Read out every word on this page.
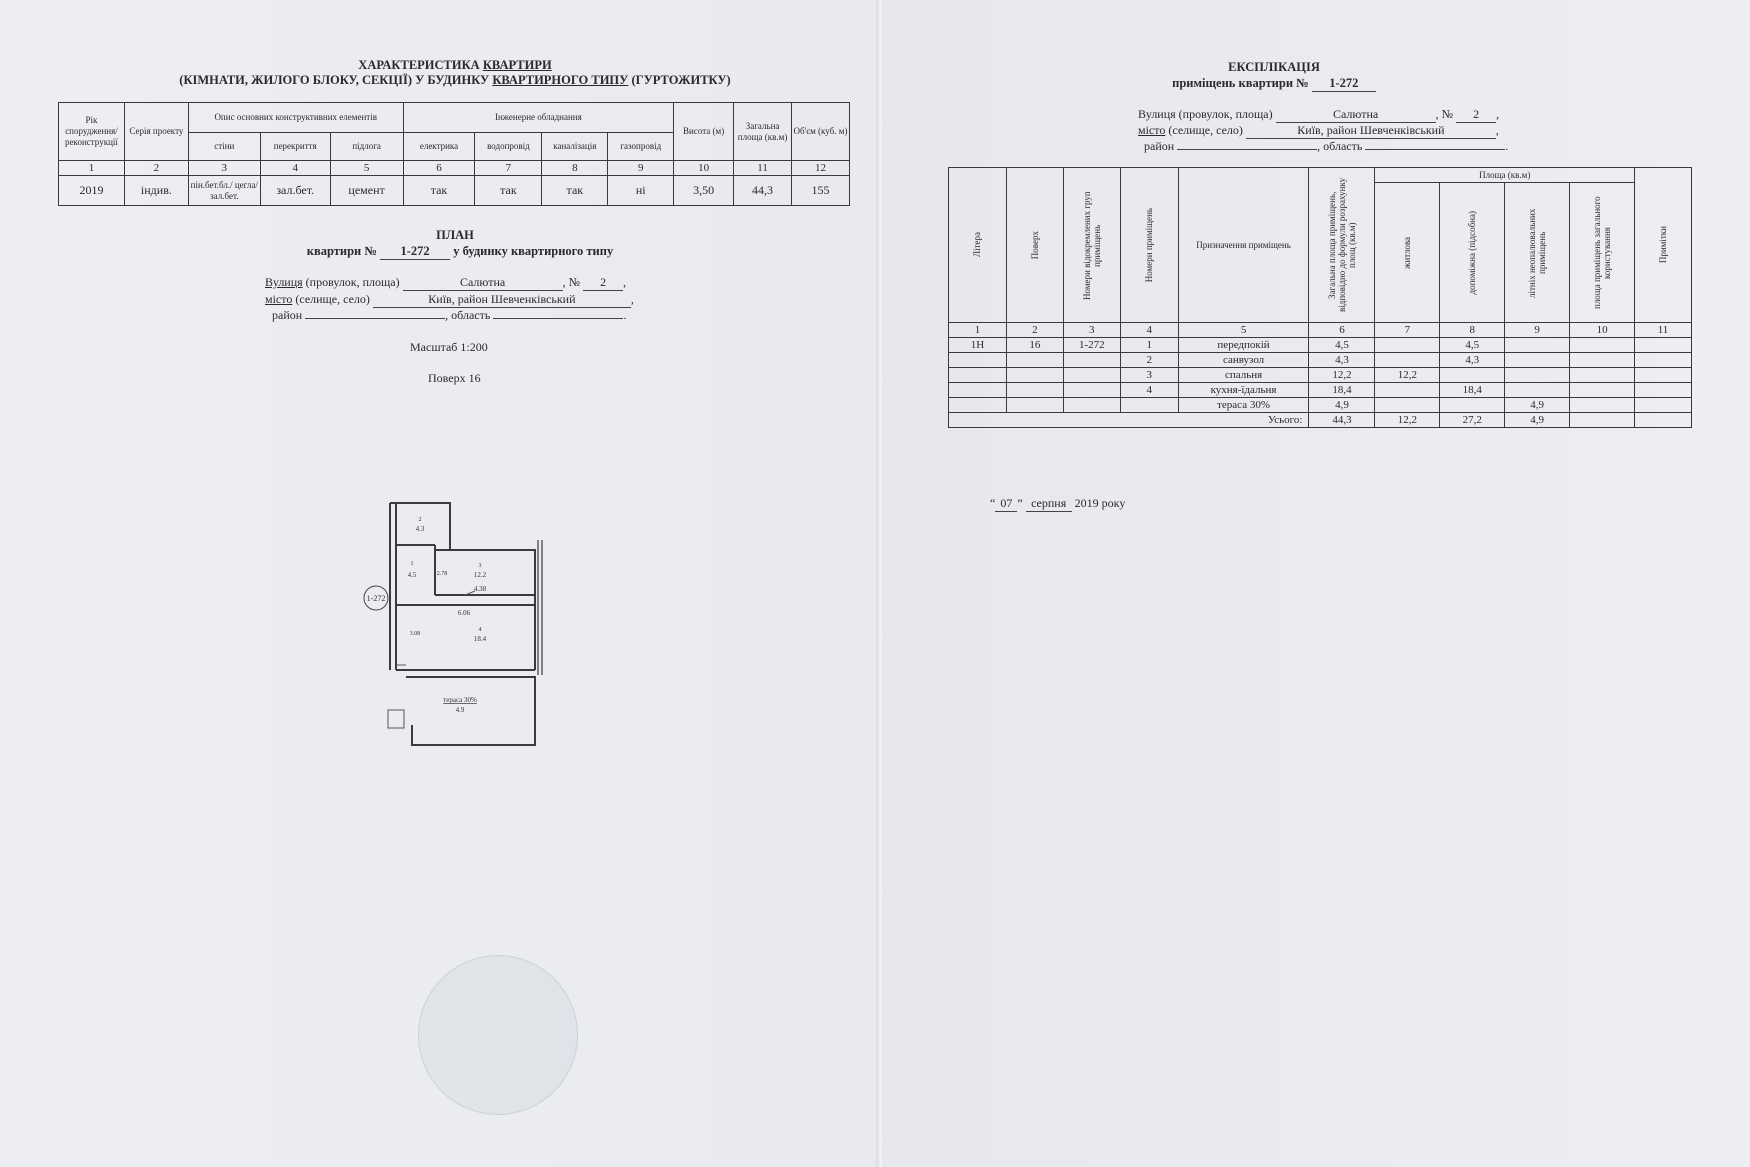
ХАРАКТЕРИСТИКА КВАРТИРИ
(КІМНАТИ, ЖИЛОГО БЛОКУ, СЕКЦІЇ) У БУДИНКУ КВАРТИРНОГО ТИПУ (ГУРТОЖИТКУ)
Рік спорудження/ реконструкції	Серія проекту	Опис основних конструктивних елементів			Інженерне обладнання				Висота (м)	Загальна площа (кв.м)	Об'єм (куб. м)
		стіни	перекриття	підлога	електрика	водопровід	каналізація	газопровід			
1	2	3	4	5	6	7	8	9	10	11	12
2019	індив.	пін.бет.бл./ цегла/зал.бет.	зал.бет.	цемент	так	так	так	ні	3,50	44,3	155
ПЛАН
квартири № 1-272 у будинку квартирного типу
Вулиця (провулок, площа)	Салютна	, № 2 ,
місто (селище, село)	Київ, район Шевченківський	,
район	, область	.
Масштаб 1:200
Поверх 16
1-272
2
4.3
1
4.5
3
12.2
4.38
6.06
2.78
3.08
4
18.4
тераса 30%
4.9
ЕКСПЛІКАЦІЯ
приміщень квартири № 1-272
Вулиця (провулок, площа)	Салютна	, № 2 ,
місто (селище, село)	Київ, район Шевченківський	,
район	, область	.
Літера	Поверх	Номери відокремлених груп приміщень	Номери приміщень	Призначення приміщень	Загальна площа приміщень, відповідно до формули розрахунку площ (кв.м)	Площа (кв.м)				Примітки

						житлова	допоміжна (підсобна)	літніх неопалювальних приміщень	площа приміщень загального користування	

1	2	3	4	5	6	7	8	9	10	11
1Н	16	1-272	1	передпокій	4,5		4,5			
			2	санвузол	4,3		4,3			
			3	спальня	12,2	12,2				
			4	кухня-їдальня	18,4		18,4			
				тераса 30%	4,9			4,9		
Усього:					44,3	12,2	27,2	4,9		
“ 07 ” серпня 2019 року
